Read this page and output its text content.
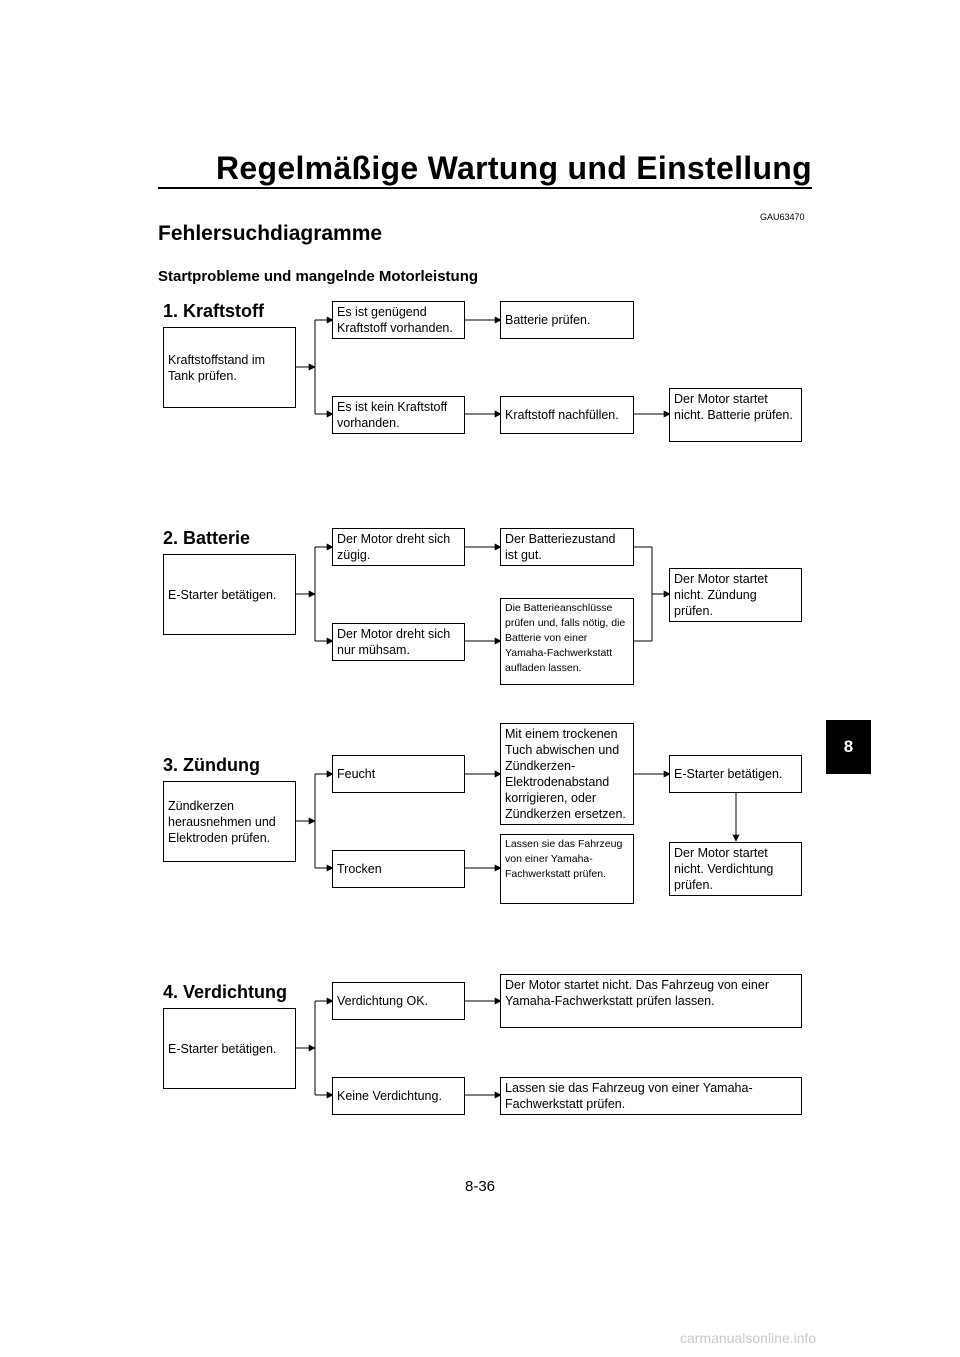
Regelmäßige Wartung und Einstellung
GAU63470
Fehlersuchdiagramme
Startprobleme und mangelnde Motorleistung
1. Kraftstoff
Kraftstoffstand im Tank prüfen.
Es ist genügend Kraftstoff vorhanden.
Batterie prüfen.
Es ist kein Kraftstoff vorhanden.
Kraftstoff nachfüllen.
Der Motor startet nicht. Batterie prüfen.
2. Batterie
E-Starter betätigen.
Der Motor dreht sich zügig.
Der Batteriezustand ist gut.
Der Motor dreht sich nur mühsam.
Die Batterieanschlüsse prüfen und, falls nötig, die Batterie von einer Yamaha-Fachwerkstatt aufladen lassen.
Der Motor startet nicht. Zündung prüfen.
3. Zündung
Zündkerzen herausnehmen und Elektroden prüfen.
Feucht
Mit einem trockenen Tuch abwischen und Zündkerzen-Elektrodenabstand korrigieren, oder Zündkerzen ersetzen.
E-Starter betätigen.
Trocken
Lassen sie das Fahrzeug von einer Yamaha-Fachwerkstatt prüfen.
Der Motor startet nicht. Verdichtung prüfen.
4. Verdichtung
E-Starter betätigen.
Verdichtung OK.
Der Motor startet nicht. Das Fahrzeug von einer Yamaha-Fachwerkstatt prüfen lassen.
Keine Verdichtung.
Lassen sie das Fahrzeug von einer Yamaha-Fachwerkstatt prüfen.
8
8-36
carmanualsonline.info
